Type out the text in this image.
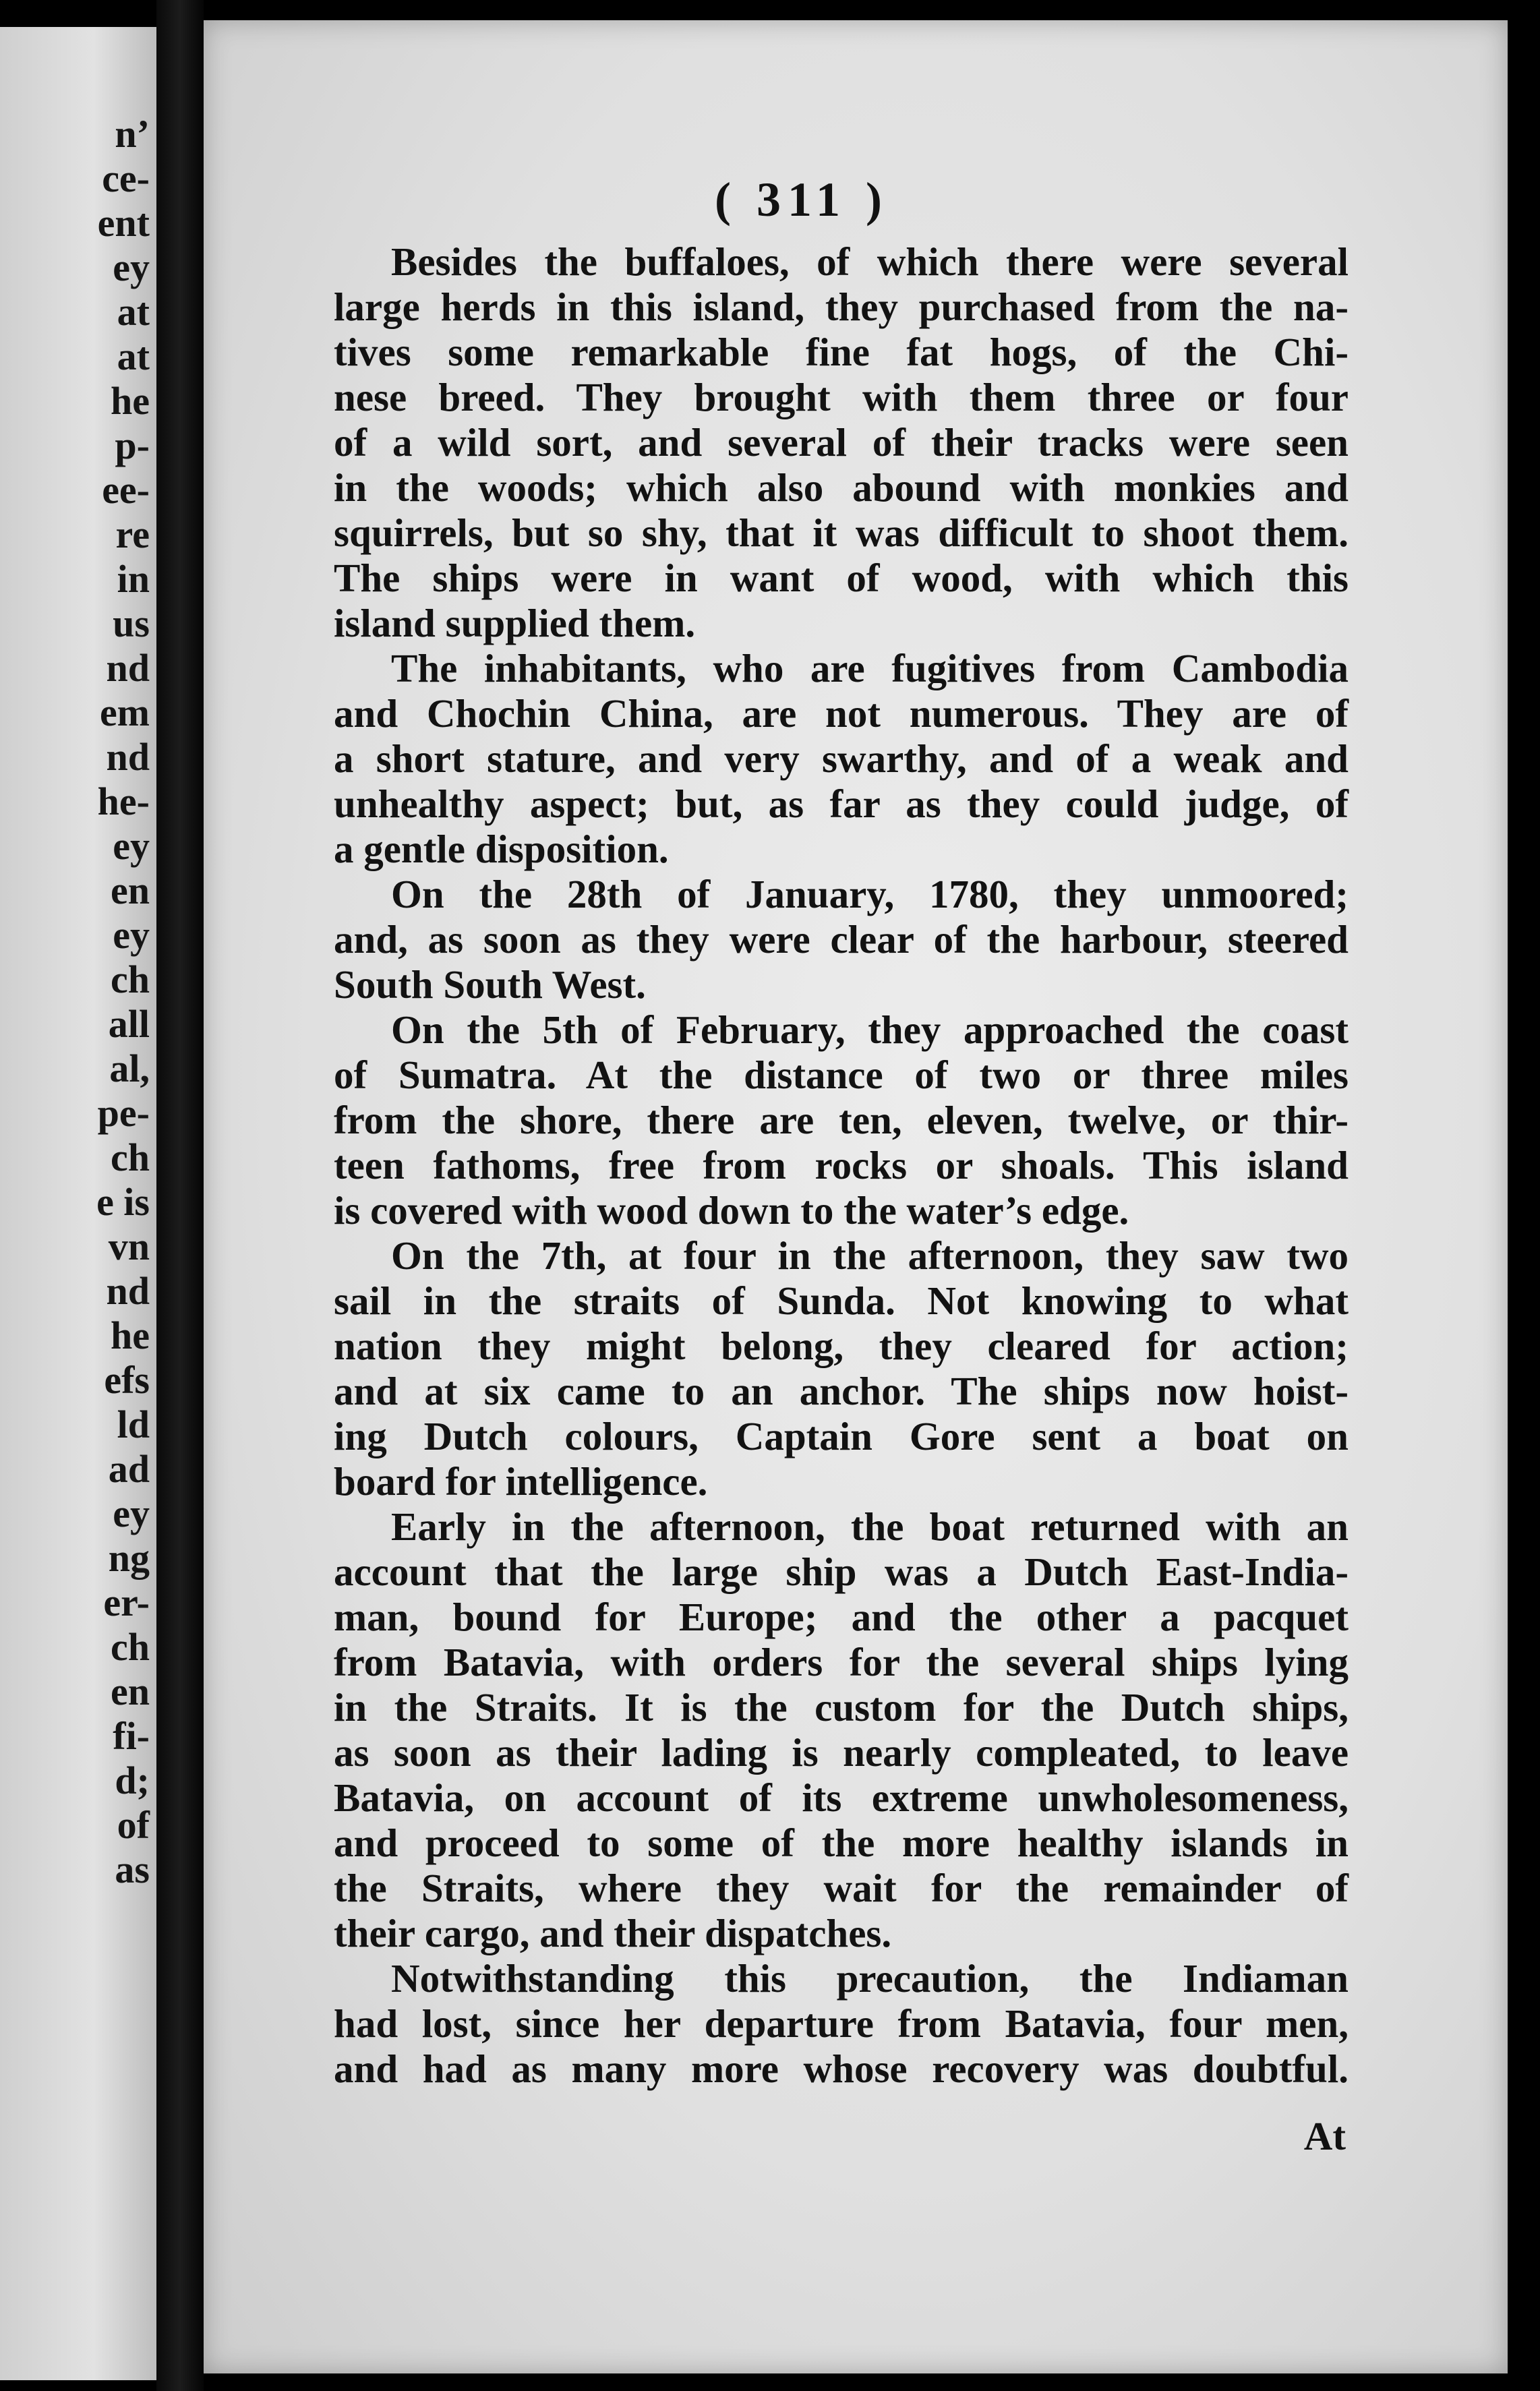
n’
ce-
ent
ey
at
at
he
p-
ee-
re
in
us
nd
em
nd
he-
ey
en
ey
ch
all
al,
pe-
ch
e is
vn
nd
he
efs
ld
ad
ey
ng
er-
ch
en
fi-
d;
of
as
( 311 )
Besides the buffaloes, of which there were several
large herds in this island, they purchased from the na-
tives some remarkable fine fat hogs, of the Chi-
nese breed. They brought with them three or four
of a wild sort, and several of their tracks were seen
in the woods; which also abound with monkies and
squirrels, but so shy, that it was difficult to shoot them.
The ships were in want of wood, with which this
island supplied them.
The inhabitants, who are fugitives from Cambodia
and Chochin China, are not numerous. They are of
a short stature, and very swarthy, and of a weak and
unhealthy aspect; but, as far as they could judge, of
a gentle disposition.
On the 28th of January, 1780, they unmoored;
and, as soon as they were clear of the harbour, steered
South South West.
On the 5th of February, they approached the coast
of Sumatra. At the distance of two or three miles
from the shore, there are ten, eleven, twelve, or thir-
teen fathoms, free from rocks or shoals. This island
is covered with wood down to the water’s edge.
On the 7th, at four in the afternoon, they saw two
sail in the straits of Sunda. Not knowing to what
nation they might belong, they cleared for action;
and at six came to an anchor. The ships now hoist-
ing Dutch colours, Captain Gore sent a boat on
board for intelligence.
Early in the afternoon, the boat returned with an
account that the large ship was a Dutch East-India-
man, bound for Europe; and the other a pacquet
from Batavia, with orders for the several ships lying
in the Straits. It is the custom for the Dutch ships,
as soon as their lading is nearly compleated, to leave
Batavia, on account of its extreme unwholesomeness,
and proceed to some of the more healthy islands in
the Straits, where they wait for the remainder of
their cargo, and their dispatches.
Notwithstanding this precaution, the Indiaman
had lost, since her departure from Batavia, four men,
and had as many more whose recovery was doubtful.
At
